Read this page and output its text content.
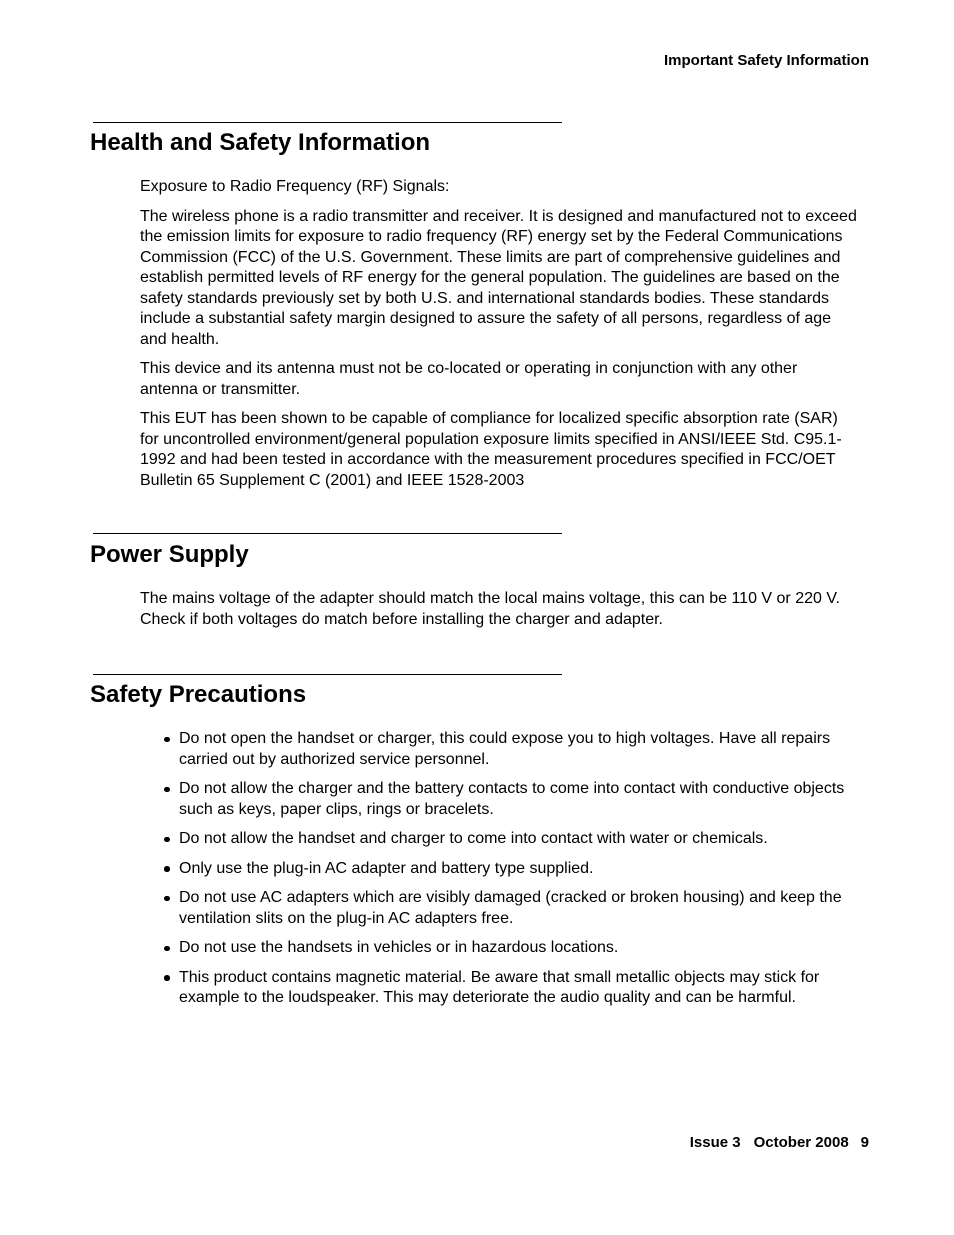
Important Safety Information
Health and Safety Information

Exposure to Radio Frequency (RF) Signals:

The wireless phone is a radio transmitter and receiver. It is designed and manufactured not to exceed the emission limits for exposure to radio frequency (RF) energy set by the Federal Communications Commission (FCC) of the U.S. Government. These limits are part of comprehensive guidelines and establish permitted levels of RF energy for the general population. The guidelines are based on the safety standards previously set by both U.S. and international standards bodies. These standards include a substantial safety margin designed to assure the safety of all persons, regardless of age and health.

This device and its antenna must not be co-located or operating in conjunction with any other antenna or transmitter.

This EUT has been shown to be capable of compliance for localized specific absorption rate (SAR) for uncontrolled environment/general population exposure limits specified in ANSI/IEEE Std. C95.1-1992 and had been tested in accordance with the measurement procedures specified in FCC/OET Bulletin 65 Supplement C (2001) and IEEE 1528-2003

Power Supply

The mains voltage of the adapter should match the local mains voltage, this can be 110 V or 220 V. Check if both voltages do match before installing the charger and adapter.

Safety Precautions
Do not open the handset or charger, this could expose you to high voltages. Have all repairs carried out by authorized service personnel.
Do not allow the charger and the battery contacts to come into contact with conductive objects such as keys, paper clips, rings or bracelets.
Do not allow the handset and charger to come into contact with water or chemicals.
Only use the plug-in AC adapter and battery type supplied.
Do not use AC adapters which are visibly damaged (cracked or broken housing) and keep the ventilation slits on the plug-in AC adapters free.
Do not use the handsets in vehicles or in hazardous locations.
This product contains magnetic material. Be aware that small metallic objects may stick for example to the loudspeaker. This may deteriorate the audio quality and can be harmful.
Issue 3 October 2008 9
